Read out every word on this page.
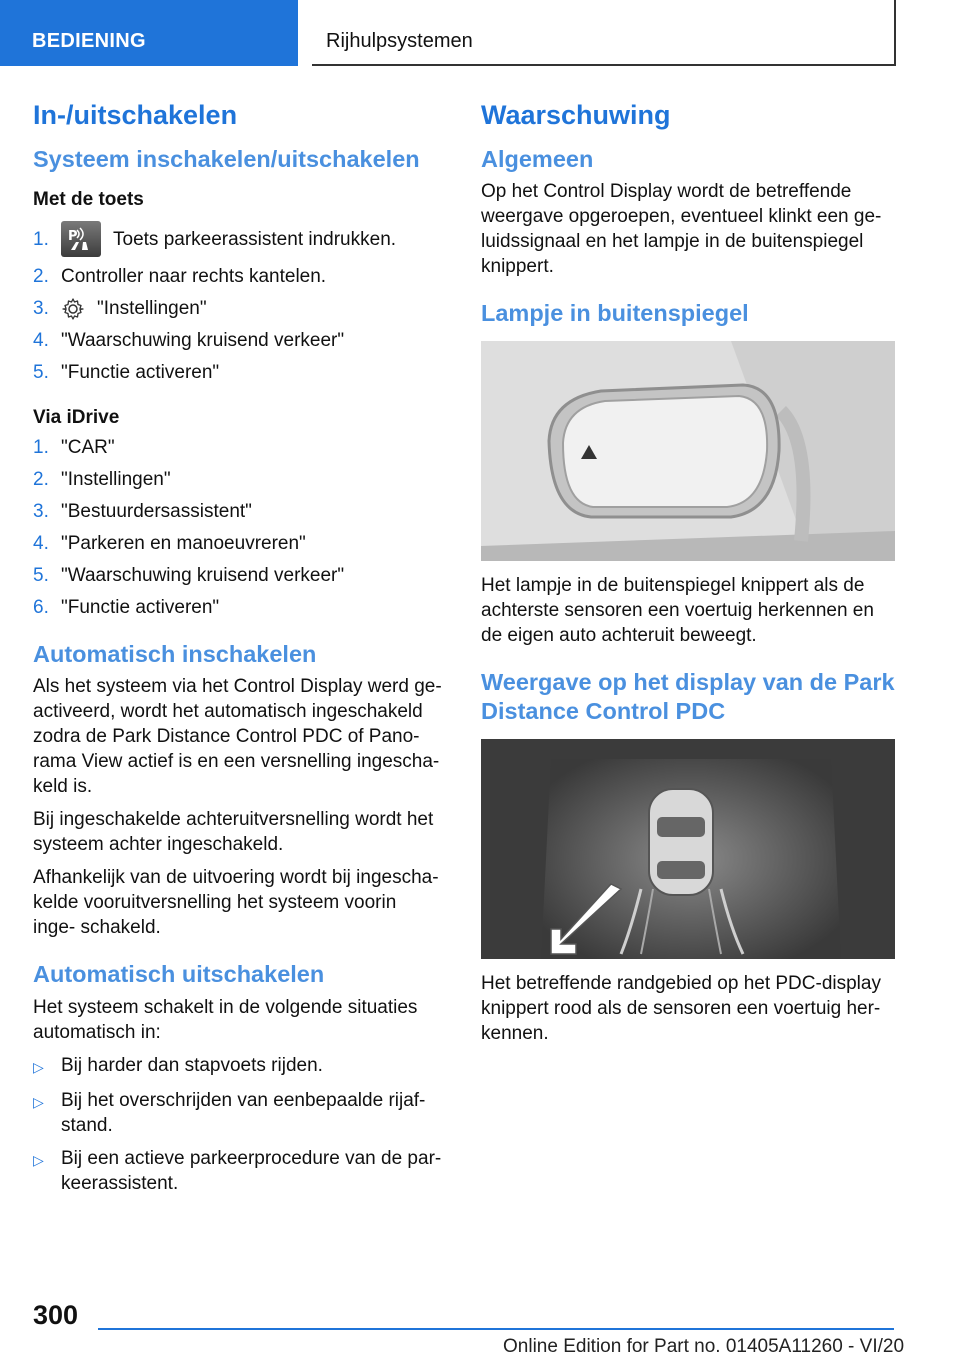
BEDIENING	Rijhulpsystemen
In-/uitschakelen
Systeem inschakelen/uitschakelen
Met de toets
1.	P Toets parkeerassistent indrukken.
2. Controller naar rechts kantelen.
3.	"Instellingen"
4. "Waarschuwing kruisend verkeer"
5. "Functie activeren"
Via iDrive
1. "CAR"
2. "Instellingen"
3. "Bestuurdersassistent"
4. "Parkeren en manoeuvreren"
5. "Waarschuwing kruisend verkeer"
6. "Functie activeren"
Automatisch inschakelen

Als het systeem via het Control Display werd ge‐ activeerd, wordt het automatisch ingeschakeld zodra de Park Distance Control PDC of Pano‐ rama View actief is en een versnelling ingescha‐ keld is.

Bij ingeschakelde achteruitversnelling wordt het systeem achter ingeschakeld.

Afhankelijk van de uitvoering wordt bij ingescha‐ kelde vooruitversnelling het systeem voorin inge‐ schakeld.

Automatisch uitschakelen

Het systeem schakelt in de volgende situaties automatisch in:

▷ Bij harder dan stapvoets rijden.
▷ Bij het overschrijden van eenbepaalde rijaf‐ stand.
▷ Bij een actieve parkeerprocedure van de par‐ keerassistent.
Waarschuwing
Algemeen

Op het Control Display wordt de betreffende weergave opgeroepen, eventueel klinkt een ge‐ luidssignaal en het lampje in de buitenspiegel knippert.

Lampje in buitenspiegel

Het lampje in de buitenspiegel knippert als de achterste sensoren een voertuig herkennen en de eigen auto achteruit beweegt.

Weergave op het display van de Park Distance Control PDC

Het betreffende randgebied op het PDC-display knippert rood als de sensoren een voertuig her‐ kennen.

300
Online Edition for Part no. 01405A11260 - VI/20
